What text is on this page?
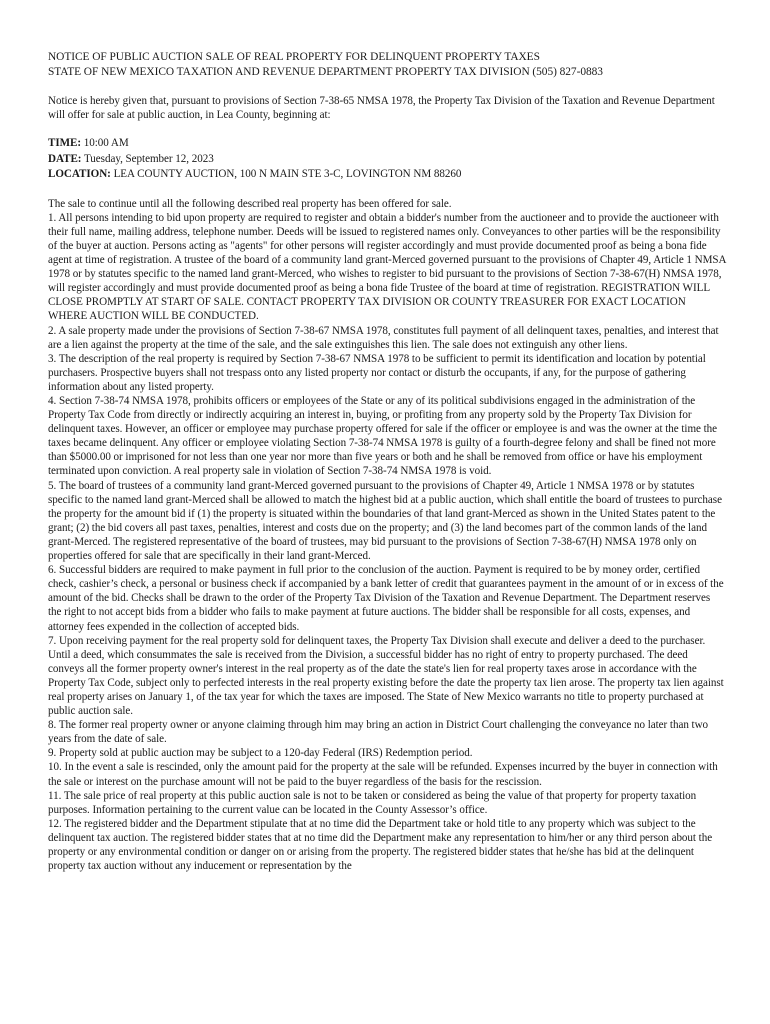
NOTICE OF PUBLIC AUCTION SALE OF REAL PROPERTY FOR DELINQUENT PROPERTY TAXES
STATE OF NEW MEXICO TAXATION AND REVENUE DEPARTMENT PROPERTY TAX DIVISION (505) 827-0883

Notice is hereby given that, pursuant to provisions of Section 7-38-65 NMSA 1978, the Property Tax Division of the Taxation and Revenue Department will offer for sale at public auction, in Lea County, beginning at:

TIME: 10:00 AM
DATE: Tuesday, September 12, 2023
LOCATION: LEA COUNTY AUCTION, 100 N MAIN STE 3-C, LOVINGTON NM 88260

The sale to continue until all the following described real property has been offered for sale.

1. All persons intending to bid upon property are required to register and obtain a bidder's number from the auctioneer and to provide the auctioneer with their full name, mailing address, telephone number. Deeds will be issued to registered names only. Conveyances to other parties will be the responsibility of the buyer at auction. Persons acting as "agents" for other persons will register accordingly and must provide documented proof as being a bona fide agent at time of registration. A trustee of the board of a community land grant-Merced governed pursuant to the provisions of Chapter 49, Article 1 NMSA 1978 or by statutes specific to the named land grant-Merced, who wishes to register to bid pursuant to the provisions of Section 7-38-67(H) NMSA 1978, will register accordingly and must provide documented proof as being a bona fide Trustee of the board at time of registration. REGISTRATION WILL CLOSE PROMPTLY AT START OF SALE. CONTACT PROPERTY TAX DIVISION OR COUNTY TREASURER FOR EXACT LOCATION WHERE AUCTION WILL BE CONDUCTED.

2. A sale property made under the provisions of Section 7-38-67 NMSA 1978, constitutes full payment of all delinquent taxes, penalties, and interest that are a lien against the property at the time of the sale, and the sale extinguishes this lien. The sale does not extinguish any other liens.

3. The description of the real property is required by Section 7-38-67 NMSA 1978 to be sufficient to permit its identification and location by potential purchasers. Prospective buyers shall not trespass onto any listed property nor contact or disturb the occupants, if any, for the purpose of gathering information about any listed property.

4. Section 7-38-74 NMSA 1978, prohibits officers or employees of the State or any of its political subdivisions engaged in the administration of the Property Tax Code from directly or indirectly acquiring an interest in, buying, or profiting from any property sold by the Property Tax Division for delinquent taxes. However, an officer or employee may purchase property offered for sale if the officer or employee is and was the owner at the time the taxes became delinquent. Any officer or employee violating Section 7-38-74 NMSA 1978 is guilty of a fourth-degree felony and shall be fined not more than $5000.00 or imprisoned for not less than one year nor more than five years or both and he shall be removed from office or have his employment terminated upon conviction. A real property sale in violation of Section 7-38-74 NMSA 1978 is void.

5. The board of trustees of a community land grant-Merced governed pursuant to the provisions of Chapter 49, Article 1 NMSA 1978 or by statutes specific to the named land grant-Merced shall be allowed to match the highest bid at a public auction, which shall entitle the board of trustees to purchase the property for the amount bid if (1) the property is situated within the boundaries of that land grant-Merced as shown in the United States patent to the grant; (2) the bid covers all past taxes, penalties, interest and costs due on the property; and (3) the land becomes part of the common lands of the land grant-Merced. The registered representative of the board of trustees, may bid pursuant to the provisions of Section 7-38-67(H) NMSA 1978 only on properties offered for sale that are specifically in their land grant-Merced.

6. Successful bidders are required to make payment in full prior to the conclusion of the auction. Payment is required to be by money order, certified check, cashier’s check, a personal or business check if accompanied by a bank letter of credit that guarantees payment in the amount of or in excess of the amount of the bid. Checks shall be drawn to the order of the Property Tax Division of the Taxation and Revenue Department. The Department reserves the right to not accept bids from a bidder who fails to make payment at future auctions. The bidder shall be responsible for all costs, expenses, and attorney fees expended in the collection of accepted bids.

7. Upon receiving payment for the real property sold for delinquent taxes, the Property Tax Division shall execute and deliver a deed to the purchaser. Until a deed, which consummates the sale is received from the Division, a successful bidder has no right of entry to property purchased. The deed conveys all the former property owner's interest in the real property as of the date the state's lien for real property taxes arose in accordance with the Property Tax Code, subject only to perfected interests in the real property existing before the date the property tax lien arose. The property tax lien against real property arises on January 1, of the tax year for which the taxes are imposed. The State of New Mexico warrants no title to property purchased at public auction sale.

8. The former real property owner or anyone claiming through him may bring an action in District Court challenging the conveyance no later than two years from the date of sale.

9. Property sold at public auction may be subject to a 120-day Federal (IRS) Redemption period.

10. In the event a sale is rescinded, only the amount paid for the property at the sale will be refunded. Expenses incurred by the buyer in connection with the sale or interest on the purchase amount will not be paid to the buyer regardless of the basis for the rescission.

11. The sale price of real property at this public auction sale is not to be taken or considered as being the value of that property for property taxation purposes. Information pertaining to the current value can be located in the County Assessor’s office.

12. The registered bidder and the Department stipulate that at no time did the Department take or hold title to any property which was subject to the delinquent tax auction. The registered bidder states that at no time did the Department make any representation to him/her or any third person about the property or any environmental condition or danger on or arising from the property. The registered bidder states that he/she has bid at the delinquent property tax auction without any inducement or representation by the
